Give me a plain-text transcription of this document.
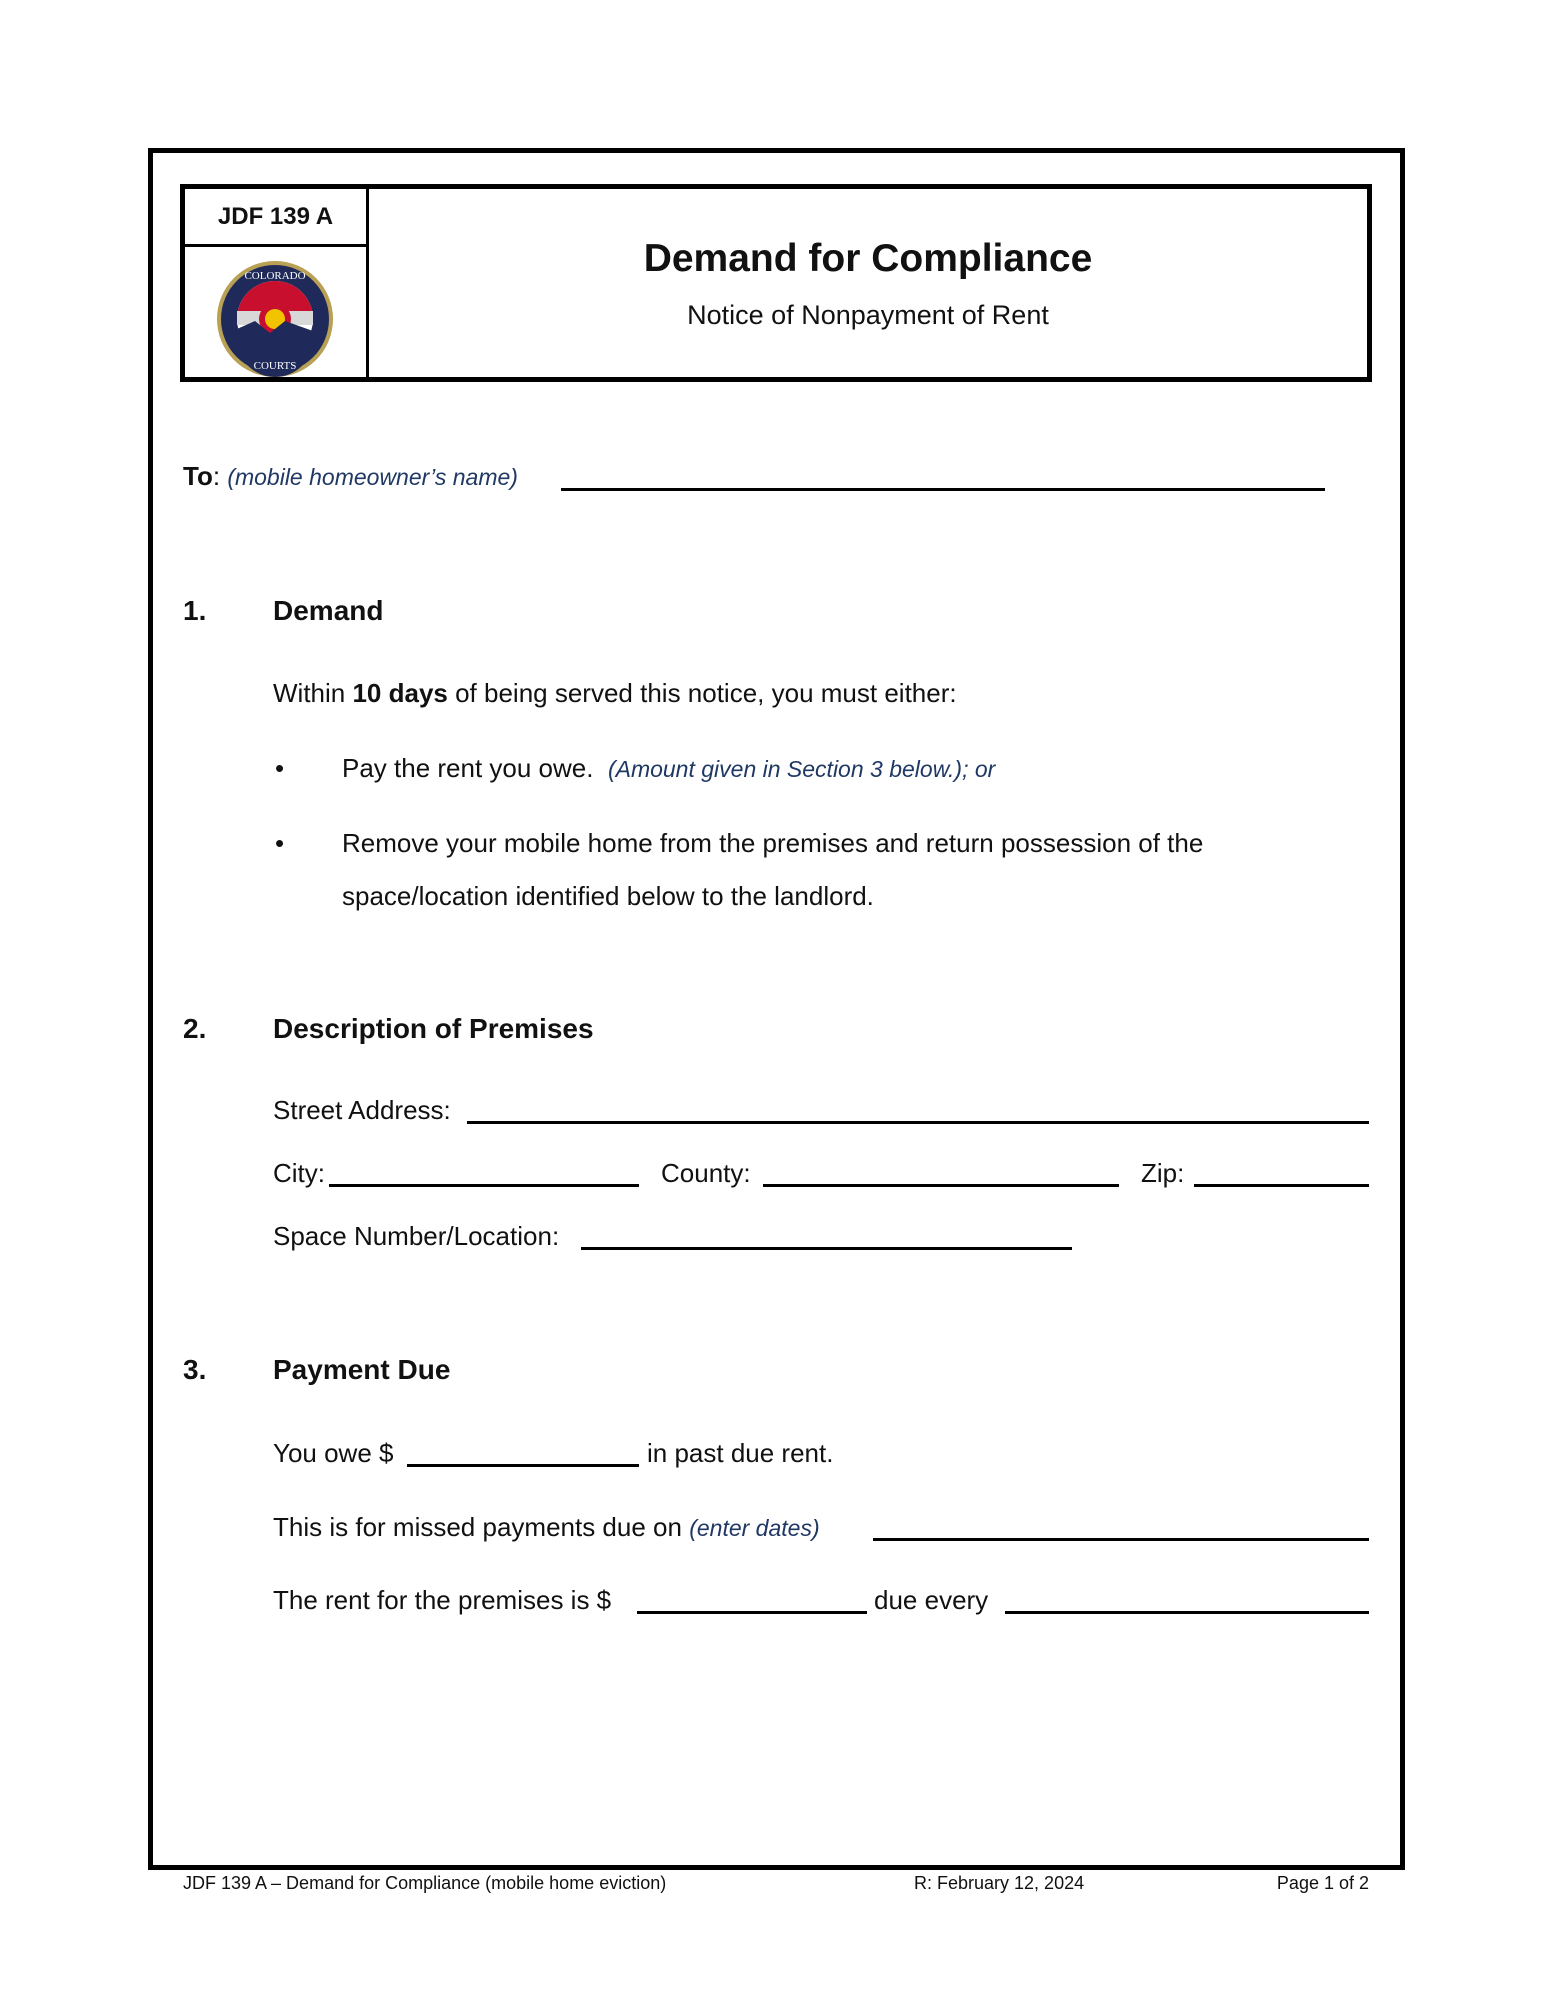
JDF 139 A
COLORADO
COURTS
Demand for Compliance
Notice of Nonpayment of Rent
To: (mobile homeowner’s name)
1. Demand
Within 10 days of being served this notice, you must either:
• Pay the rent you owe. (Amount given in Section 3 below.); or
• Remove your mobile home from the premises and return possession of the
space/location identified below to the landlord.
2. Description of Premises
Street Address:
City:	County:	Zip:
Space Number/Location:
3. Payment Due
You owe $	in past due rent.
This is for missed payments due on (enter dates)
The rent for the premises is $	due every
JDF 139 A – Demand for Compliance (mobile home eviction)	R: February 12, 2024	Page 1 of 2
